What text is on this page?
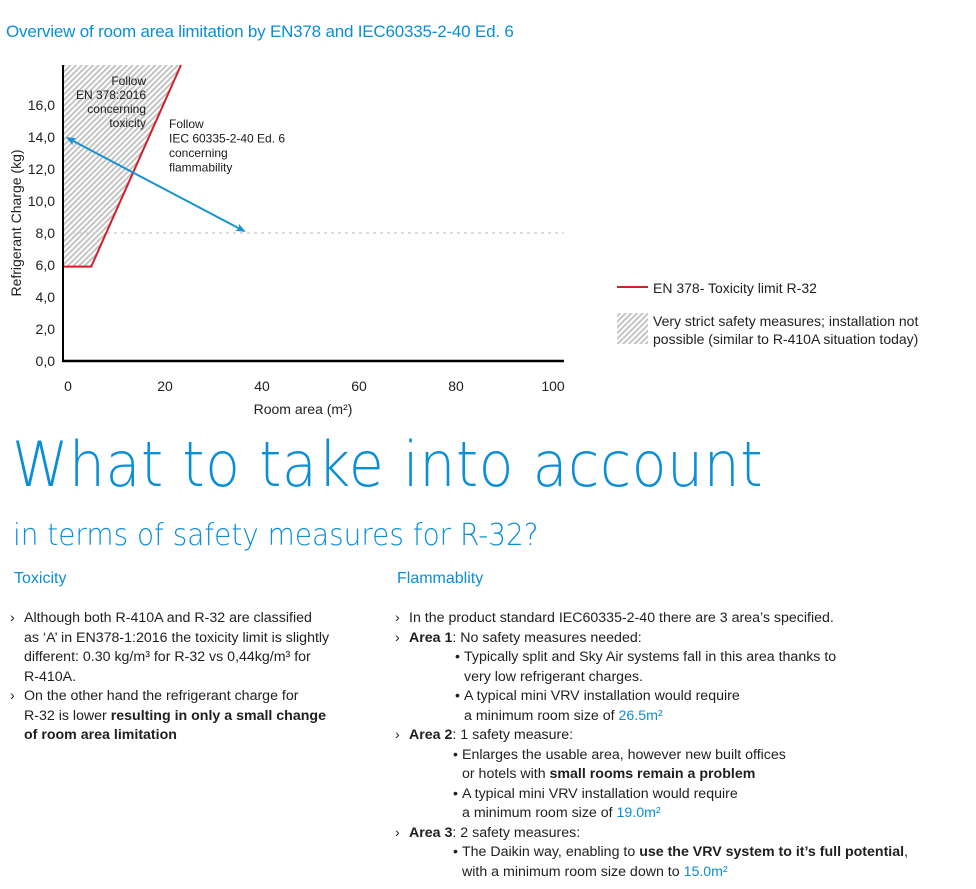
Overview of room area limitation by EN378 and IEC60335-2-40 Ed. 6
0,0
2,0
4,0
6,0
8,0
10,0
12,0
14,0
16,0
0	20	40	60	80	100
Room area (m²)
Refrigerant Charge (kg)
Follow
EN 378:2016
concerning
toxicity Follow
IEC 60335-2-40 Ed. 6
concerning
flammability
EN 378- Toxicity limit R-32
Very strict safety measures; installation not
possible (similar to R-410A situation today)
What to take into account
in terms of safety measures for R-32?
Toxicity
› Although both R-410A and R-32 are classified
as ‘A’ in EN378-1:2016 the toxicity limit is slightly
different: 0.30 kg/m³ for R-32 vs 0,44kg/m³ for
R-410A.
› On the other hand the refrigerant charge for
R-32 is lower resulting in only a small change
of room area limitation
Flammablity
› In the product standard IEC60335-2-40 there are 3 area’s specified.
› Area 1: No safety measures needed:
• Typically split and Sky Air systems fall in this area thanks to
very low refrigerant charges.
• A typical mini VRV installation would require
a minimum room size of 26.5m²
› Area 2: 1 safety measure:
• Enlarges the usable area, however new built offices
or hotels with small rooms remain a problem
• A typical mini VRV installation would require
a minimum room size of 19.0m²
› Area 3: 2 safety measures:
• The Daikin way, enabling to use the VRV system to it’s full potential,
with a minimum room size down to 15.0m²
